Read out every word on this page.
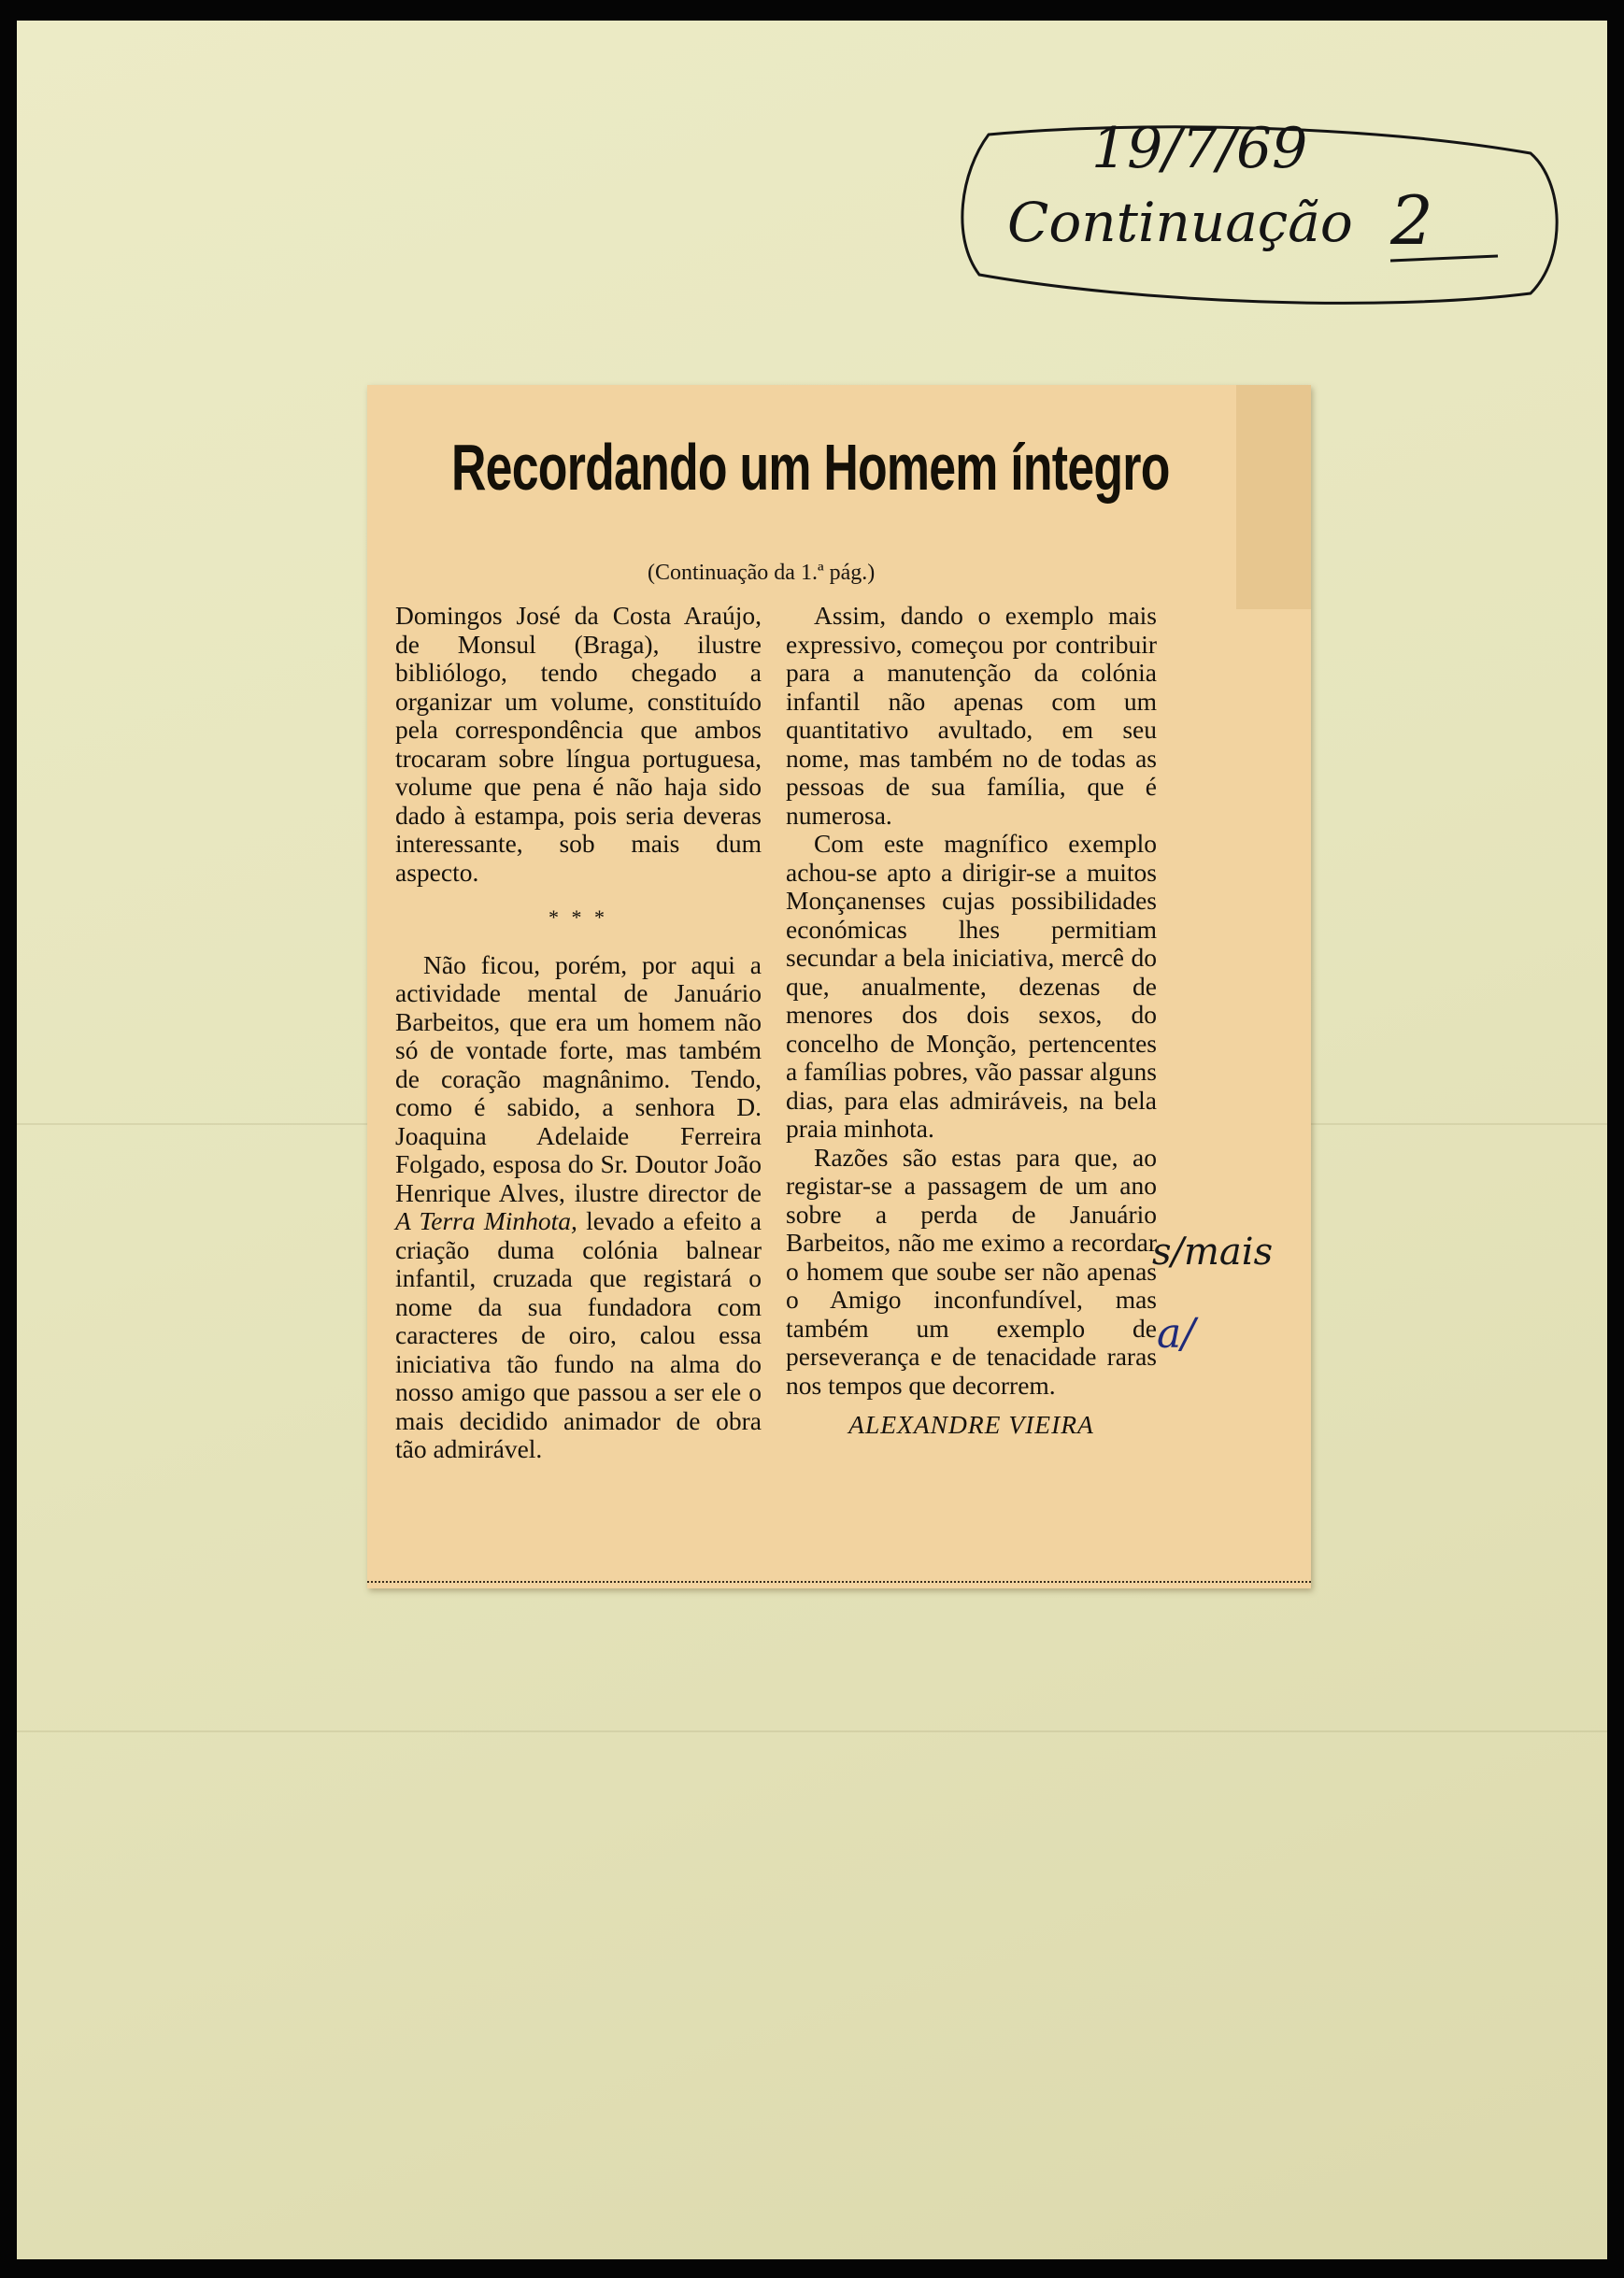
19/7/69
Continuação 2
Recordando um Homem íntegro
(Continuação da 1.ª pág.)

Domingos José da Costa Araújo, de Monsul (Braga), ilustre bibliólogo, tendo chegado a organizar um volume, constituído pela correspondência que ambos trocaram sobre língua portuguesa, volume que pena é não haja sido dado à estampa, pois seria deveras interessante, sob mais dum aspecto.

* * *

Não ficou, porém, por aqui a actividade mental de Januário Barbeitos, que era um homem não só de vontade forte, mas também de coração magnânimo. Tendo, como é sabido, a senhora D. Joaquina Adelaide Ferreira Folgado, esposa do Sr. Doutor João Henrique Alves, ilustre director de A Terra Minhota, levado a efeito a criação duma colónia balnear infantil, cruzada que registará o nome da sua fundadora com caracteres de oiro, calou essa iniciativa tão fundo na alma do nosso amigo que passou a ser ele o mais decidido animador de obra tão admirável.

Assim, dando o exemplo mais expressivo, começou por contribuir para a manutenção da colónia infantil não apenas com um quantitativo avultado, em seu nome, mas também no de todas as pessoas de sua família, que é numerosa.

Com este magnífico exemplo achou-se apto a dirigir-se a muitos Monçanenses cujas possibilidades económicas lhes permitiam secundar a bela iniciativa, mercê do que, anualmente, dezenas de menores dos dois sexos, do concelho de Monção, pertencentes a famílias pobres, vão passar alguns dias, para elas admiráveis, na bela praia minhota.

Razões são estas para que, ao registar-se a passagem de um ano sobre a perda de Januário Barbeitos, não me eximo a recordar o homem que soube ser não apenas o Amigo inconfundível, mas também um exemplo de perseverança e de tenacidade raras nos tempos que decorrem.

ALEXANDRE VIEIRA
s/mais
a/
